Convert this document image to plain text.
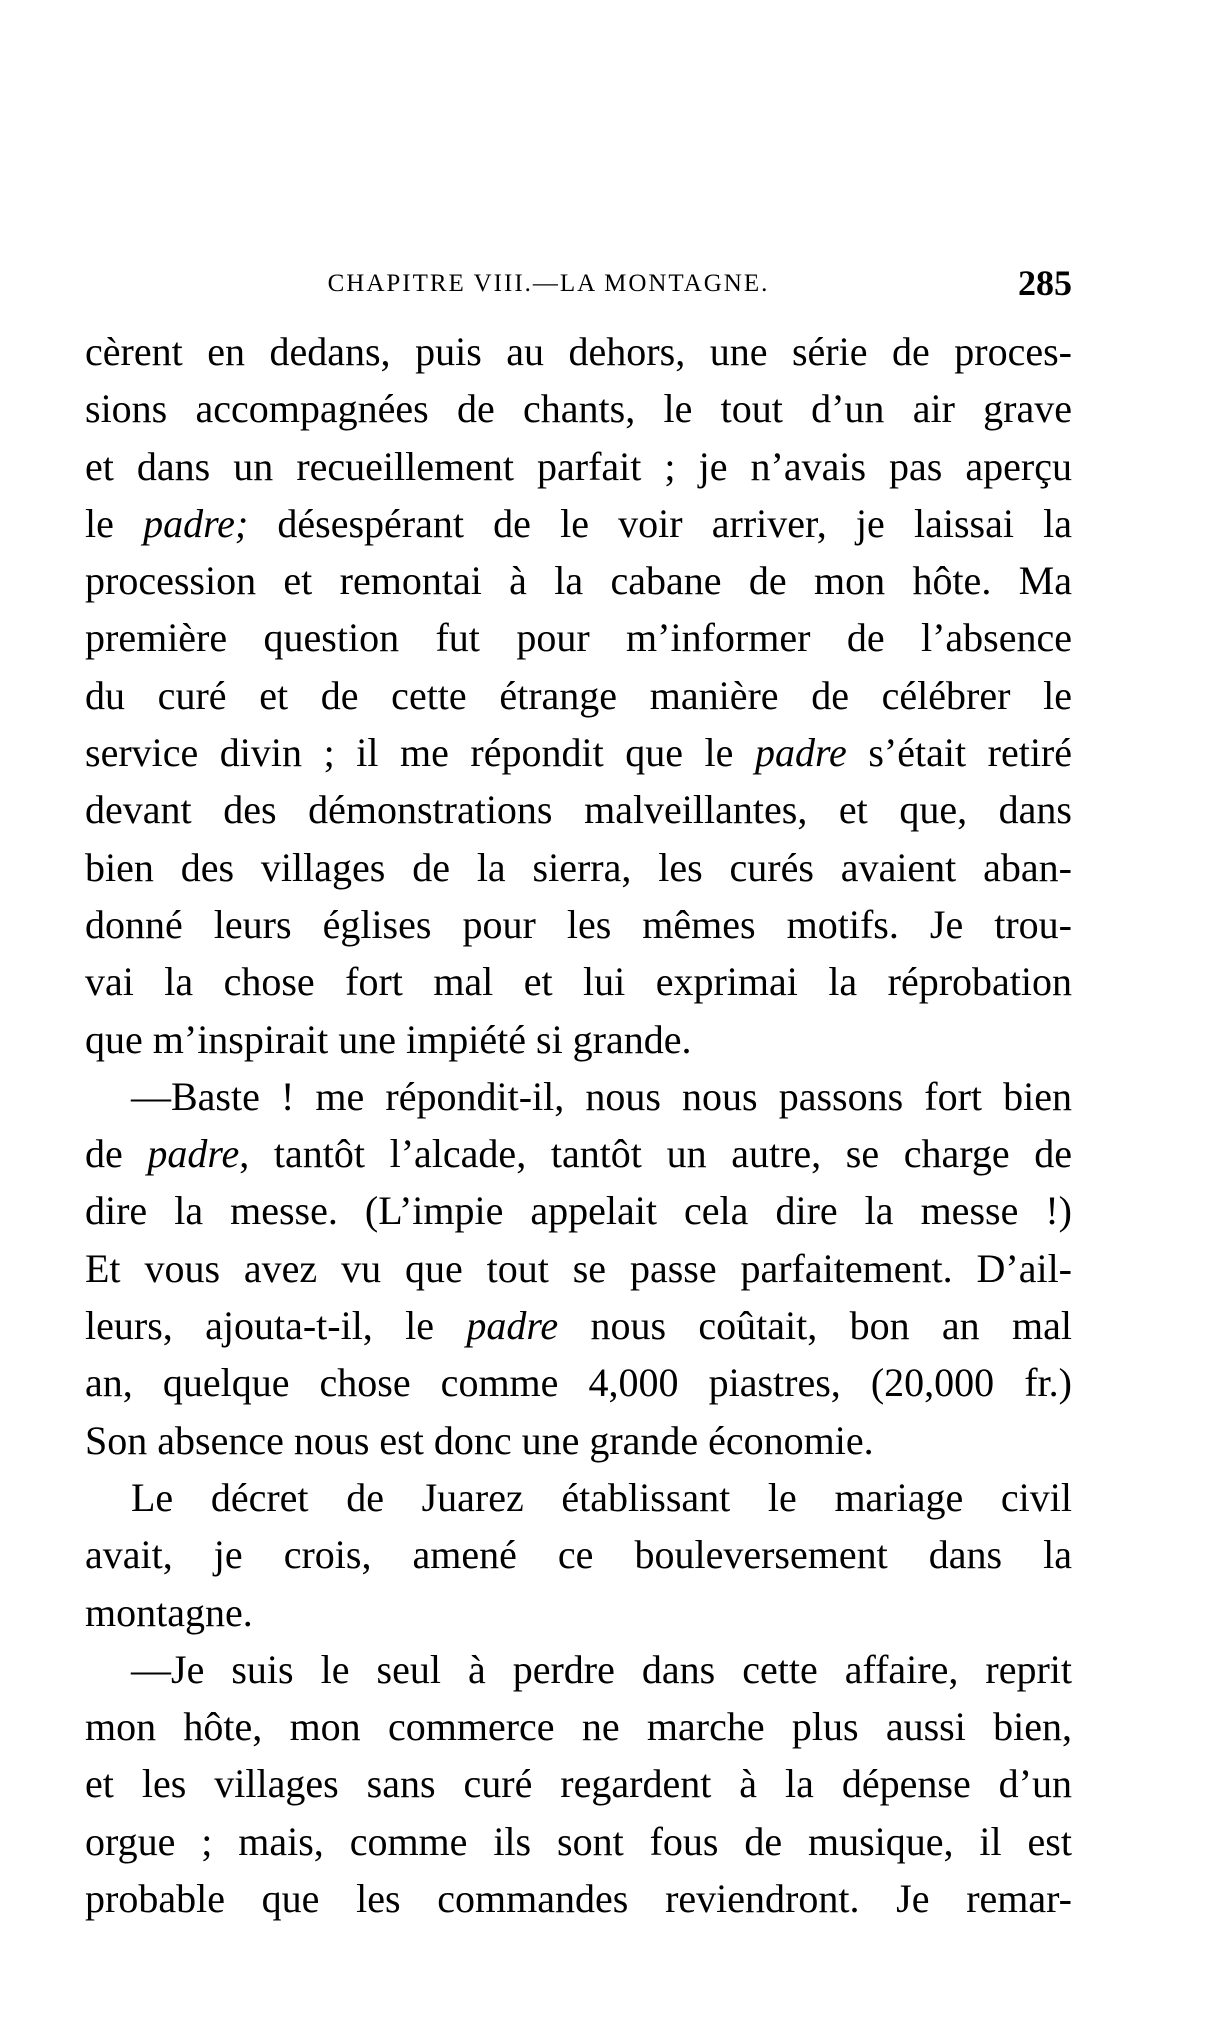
CHAPITRE VIII.—LA MONTAGNE.	285
cèrent en dedans, puis au dehors, une série de proces-
sions accompagnées de chants, le tout d’un air grave
et dans un recueillement parfait ; je n’avais pas aperçu
le padre; désespérant de le voir arriver, je laissai la
procession et remontai à la cabane de mon hôte. Ma
première question fut pour m’informer de l’absence
du curé et de cette étrange manière de célébrer le
service divin ; il me répondit que le padre s’était retiré
devant des démonstrations malveillantes, et que, dans
bien des villages de la sierra, les curés avaient aban-
donné leurs églises pour les mêmes motifs. Je trou-
vai la chose fort mal et lui exprimai la réprobation
que m’inspirait une impiété si grande.
—Baste ! me répondit-il, nous nous passons fort bien
de padre, tantôt l’alcade, tantôt un autre, se charge de
dire la messe. (L’impie appelait cela dire la messe !)
Et vous avez vu que tout se passe parfaitement. D’ail-
leurs, ajouta-t-il, le padre nous coûtait, bon an mal
an, quelque chose comme 4,000 piastres, (20,000 fr.)
Son absence nous est donc une grande économie.
Le décret de Juarez établissant le mariage civil
avait, je crois, amené ce bouleversement dans la
montagne.
—Je suis le seul à perdre dans cette affaire, reprit
mon hôte, mon commerce ne marche plus aussi bien,
et les villages sans curé regardent à la dépense d’un
orgue ; mais, comme ils sont fous de musique, il est
probable que les commandes reviendront. Je remar-
